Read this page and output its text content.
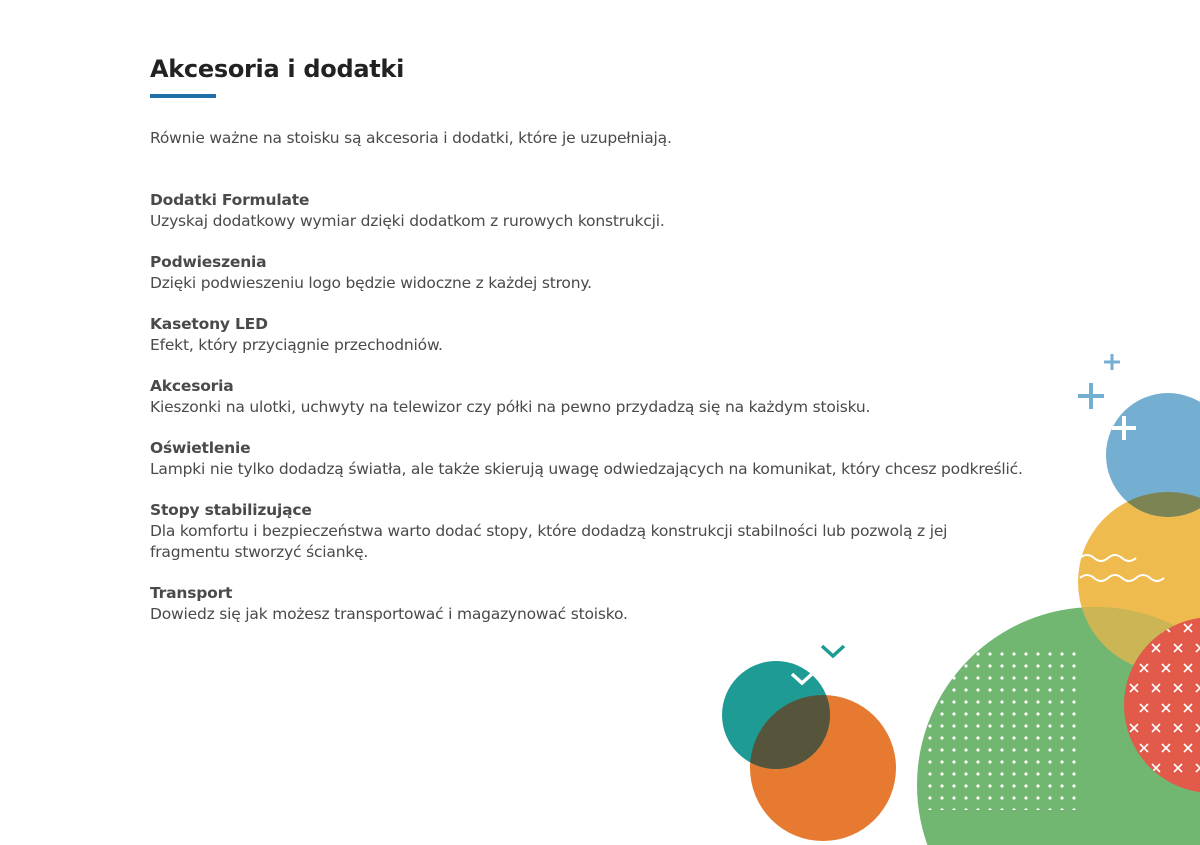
Akcesoria i dodatki

Równie ważne na stoisku są akcesoria i dodatki, które je uzupełniają.

Dodatki Formulate

Uzyskaj dodatkowy wymiar dzięki dodatkom z rurowych konstrukcji.

Podwieszenia

Dzięki podwieszeniu logo będzie widoczne z każdej strony.

Kasetony LED

Efekt, który przyciągnie przechodniów.

Akcesoria

Kieszonki na ulotki, uchwyty na telewizor czy półki na pewno przydadzą się na każdym stoisku.

Oświetlenie

Lampki nie tylko dodadzą światła, ale także skierują uwagę odwiedzających na komunikat, który chcesz podkreślić.

Stopy stabilizujące

Dla komfortu i bezpieczeństwa warto dodać stopy, które dodadzą konstrukcji stabilności lub pozwolą z jej fragmentu stworzyć ściankę.

Transport

Dowiedz się jak możesz transportować i magazynować stoisko.
